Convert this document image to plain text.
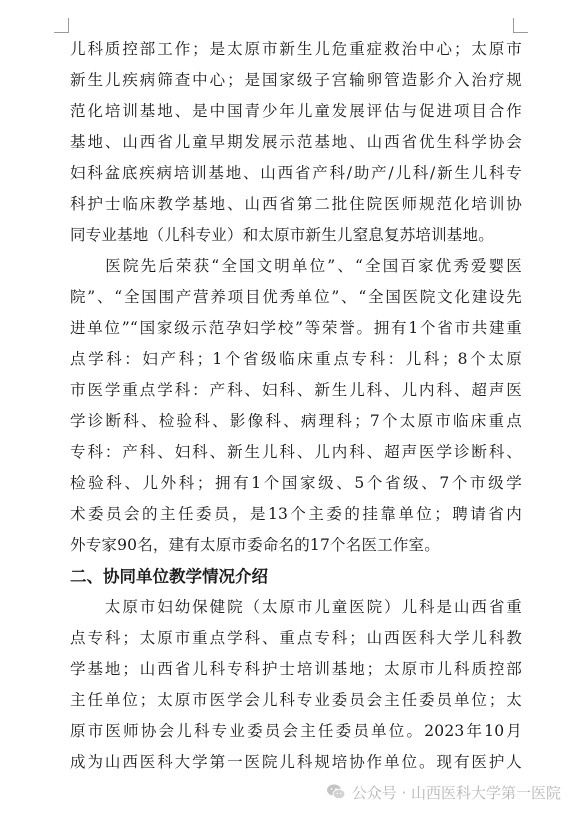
儿科质控部工作；是太原市新生儿危重症救治中心；太原市
新生儿疾病筛查中心；是国家级子宫输卵管造影介入治疗规
范化培训基地、是中国青少年儿童发展评估与促进项目合作
基地、山西省儿童早期发展示范基地、山西省优生科学协会
妇科盆底疾病培训基地、山西省产科/助产/儿科/新生儿科专
科护士临床教学基地、山西省第二批住院医师规范化培训协
同专业基地（儿科专业）和太原市新生儿窒息复苏培训基地。
　　医院先后荣获“全国文明单位”、“全国百家优秀爱婴医
院”、“全国围产营养项目优秀单位”、“全国医院文化建设先
进单位”“国家级示范孕妇学校”等荣誉。拥有1个省市共建重
点学科：妇产科；1个省级临床重点专科：儿科；8个太原
市医学重点学科：产科、妇科、新生儿科、儿内科、超声医
学诊断科、检验科、影像科、病理科；7个太原市临床重点
专科：产科、妇科、新生儿科、儿内科、超声医学诊断科、
检验科、儿外科；拥有1个国家级、5个省级、7个市级学
术委员会的主任委员，是13个主委的挂靠单位；聘请省内
外专家90名，建有太原市委命名的17个名医工作室。
二、协同单位教学情况介绍
　　太原市妇幼保健院（太原市儿童医院）儿科是山西省重
点专科；太原市重点学科、重点专科；山西医科大学儿科教
学基地；山西省儿科专科护士培训基地；太原市儿科质控部
主任单位；太原市医学会儿科专业委员会主任委员单位；太
原市医师协会儿科专业委员会主任委员单位。2023年10月
成为山西医科大学第一医院儿科规培协作单位。现有医护人
公众号 · 山西医科大学第一医院
